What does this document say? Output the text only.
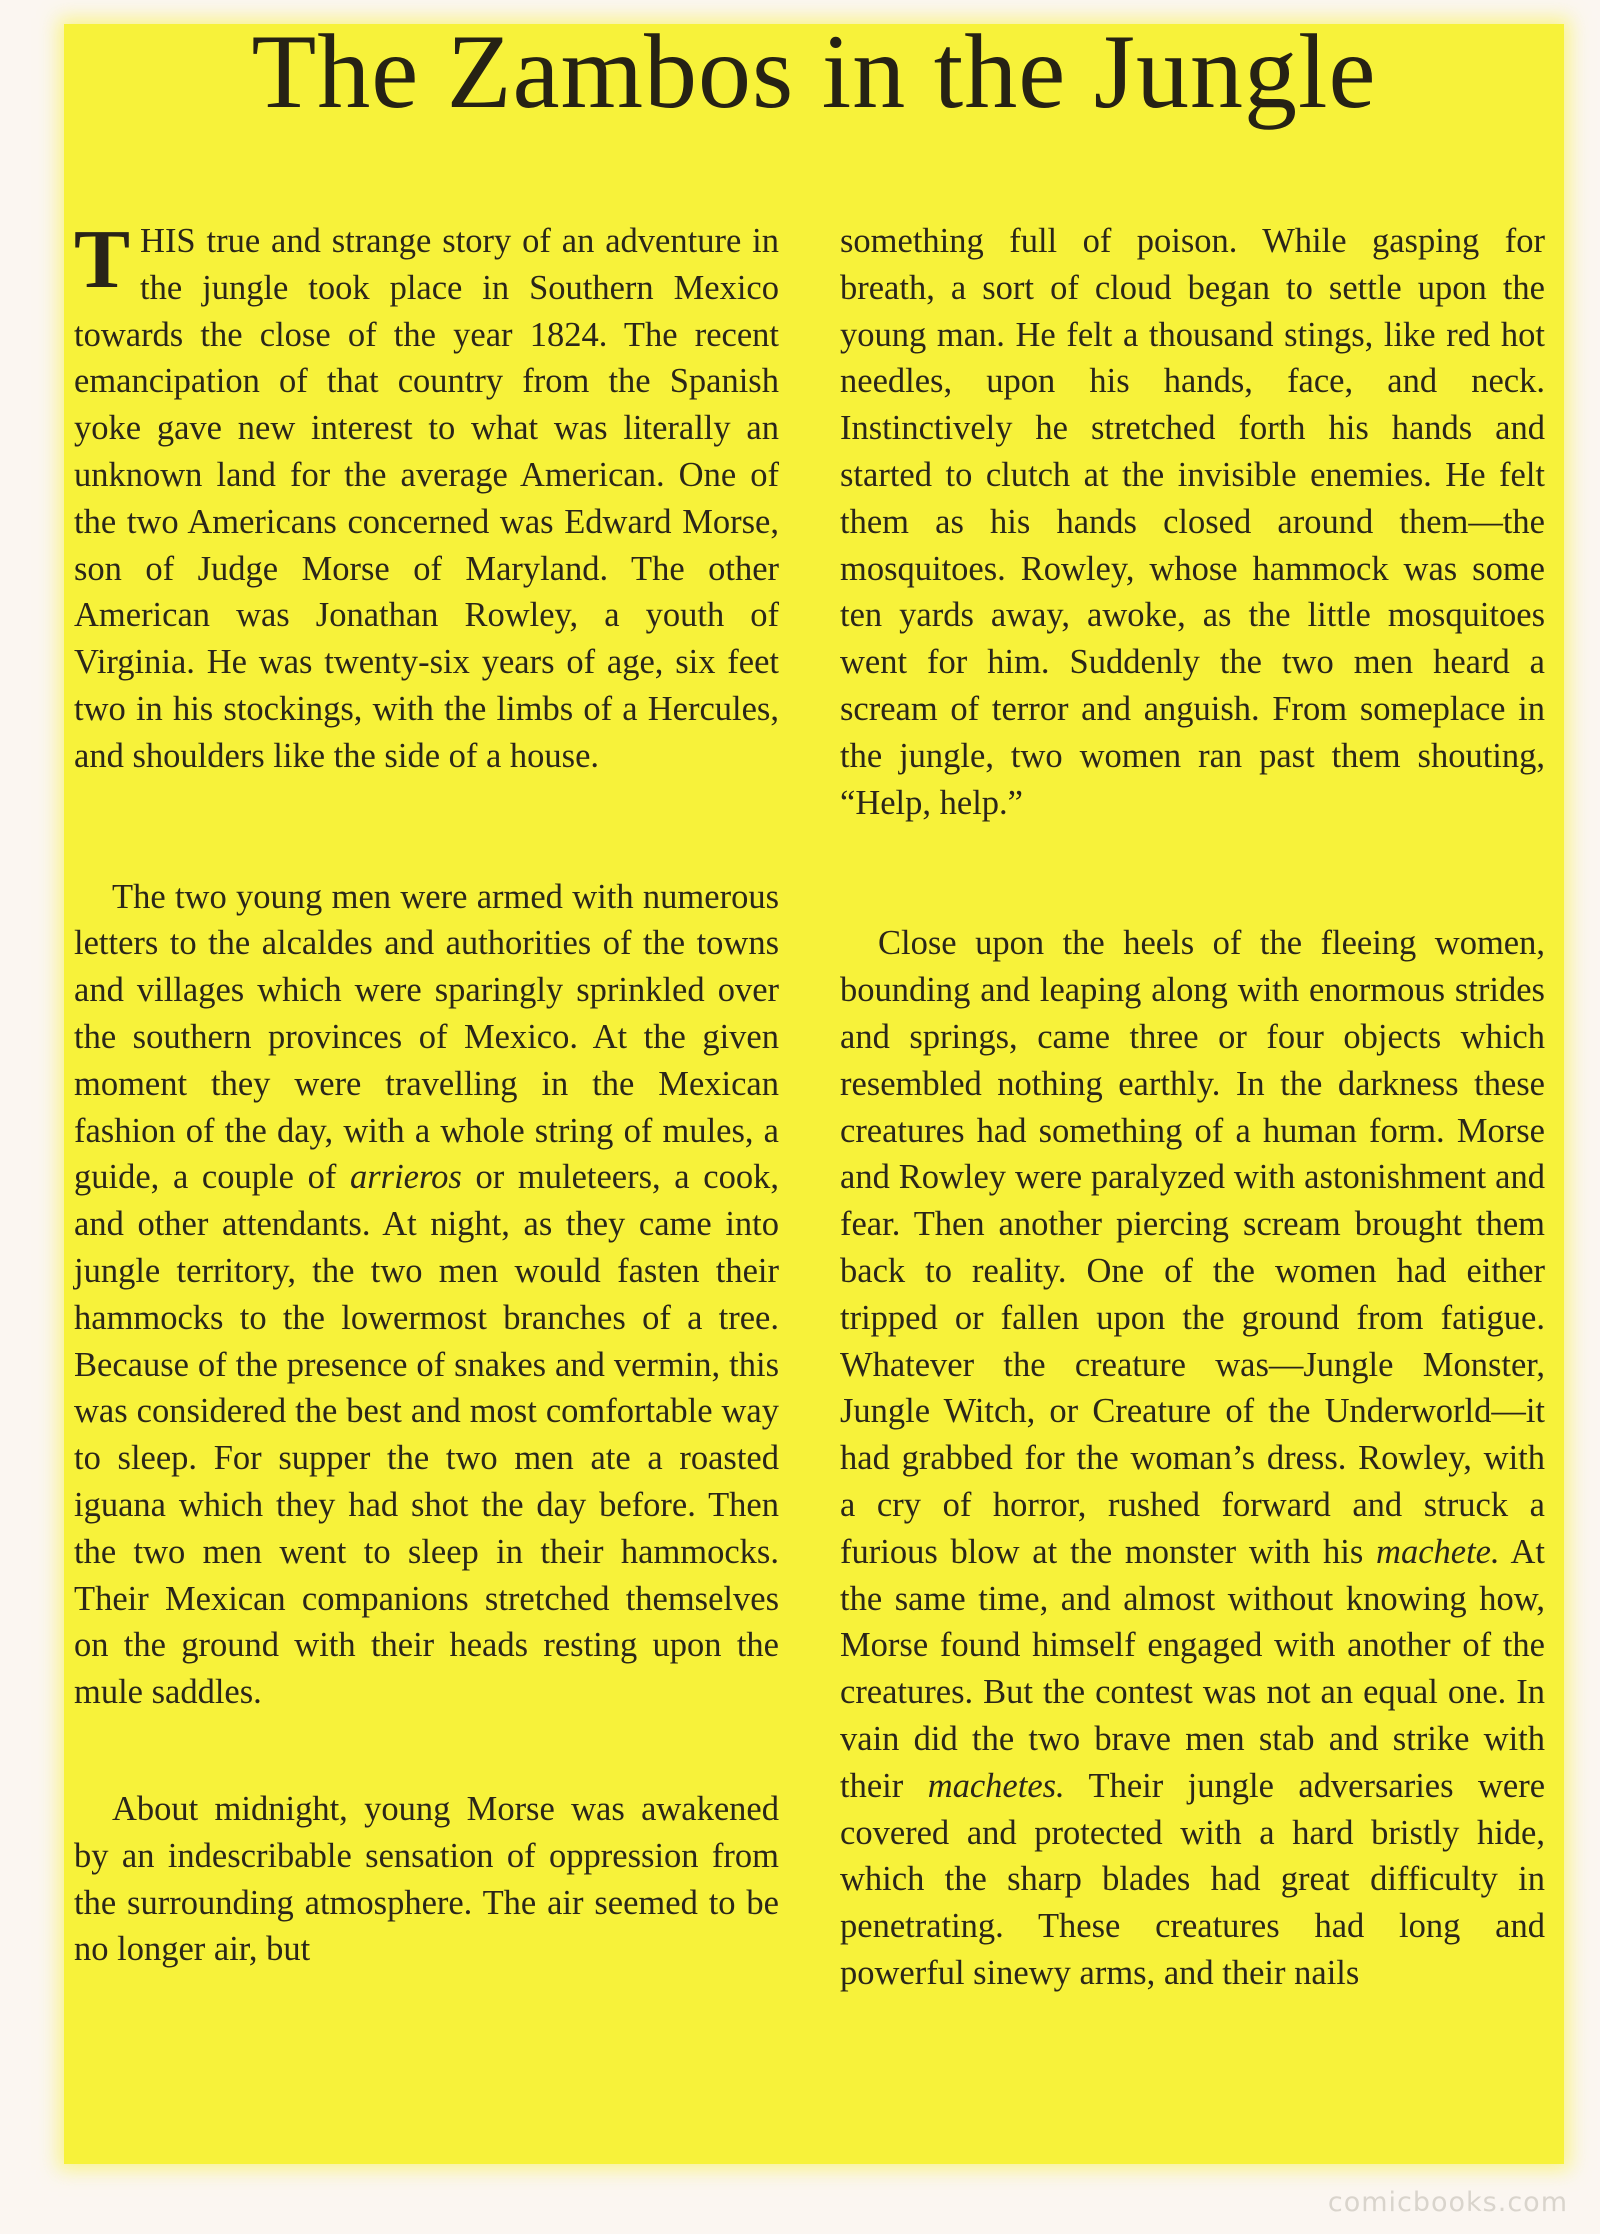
The Zambos in the Jungle

THIS true and strange story of an adventure in the jungle took place in Southern Mexico towards the close of the year 1824. The recent emancipation of that country from the Spanish yoke gave new interest to what was literally an unknown land for the average American. One of the two Americans concerned was Edward Morse, son of Judge Morse of Maryland. The other American was Jonathan Rowley, a youth of Virginia. He was twenty-six years of age, six feet two in his stockings, with the limbs of a Hercules, and shoulders like the side of a house.

The two young men were armed with numerous letters to the alcaldes and authorities of the towns and villages which were sparingly sprinkled over the southern provinces of Mexico. At the given moment they were travelling in the Mexican fashion of the day, with a whole string of mules, a guide, a couple of arrieros or muleteers, a cook, and other attendants. At night, as they came into jungle territory, the two men would fasten their hammocks to the lowermost branches of a tree. Because of the presence of snakes and vermin, this was considered the best and most comfortable way to sleep. For supper the two men ate a roasted iguana which they had shot the day before. Then the two men went to sleep in their hammocks. Their Mexican companions stretched themselves on the ground with their heads resting upon the mule saddles.

About midnight, young Morse was awakened by an indescribable sensation of oppression from the surrounding atmosphere. The air seemed to be no longer air, but

something full of poison. While gasping for breath, a sort of cloud began to settle upon the young man. He felt a thousand stings, like red hot needles, upon his hands, face, and neck. Instinctively he stretched forth his hands and started to clutch at the invisible enemies. He felt them as his hands closed around them—the mosquitoes. Rowley, whose hammock was some ten yards away, awoke, as the little mosquitoes went for him. Suddenly the two men heard a scream of terror and anguish. From someplace in the jungle, two women ran past them shouting, “Help, help.”

Close upon the heels of the fleeing women, bounding and leaping along with enormous strides and springs, came three or four objects which resembled nothing earthly. In the darkness these creatures had something of a human form. Morse and Rowley were paralyzed with astonishment and fear. Then another piercing scream brought them back to reality. One of the women had either tripped or fallen upon the ground from fatigue. Whatever the creature was—Jungle Monster, Jungle Witch, or Creature of the Underworld—it had grabbed for the woman’s dress. Rowley, with a cry of horror, rushed forward and struck a furious blow at the monster with his machete. At the same time, and almost without knowing how, Morse found himself engaged with another of the creatures. But the contest was not an equal one. In vain did the two brave men stab and strike with their machetes. Their jungle adversaries were covered and protected with a hard bristly hide, which the sharp blades had great difficulty in penetrating. These creatures had long and powerful sinewy arms, and their nails

comicbooks.com
